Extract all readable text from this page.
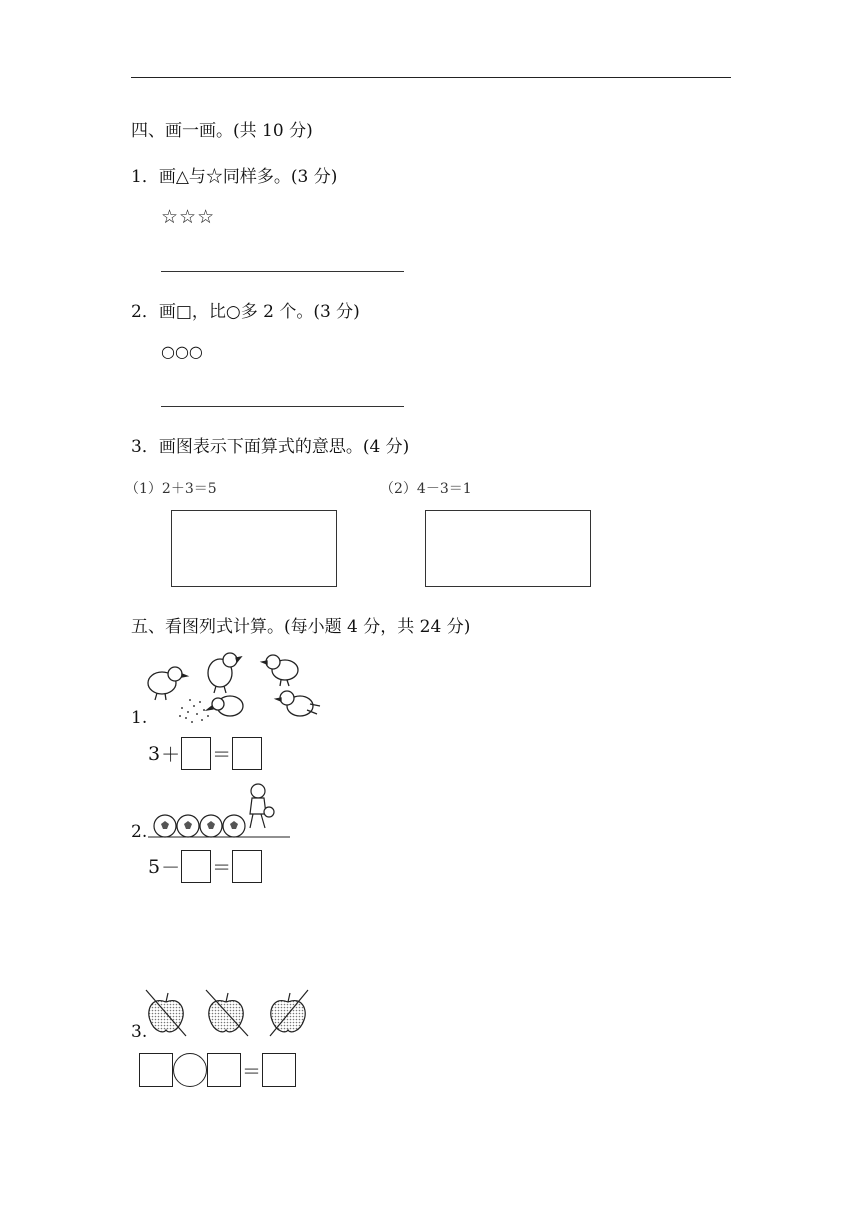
四、画一画。(共 10 分)
1．画△与☆同样多。(3 分)
☆☆☆
2．画□，比○多 2 个。(3 分)
○○○
3．画图表示下面算式的意思。(4 分)
（1）2＋3＝5	（2）4－3＝1
五、看图列式计算。(每小题 4 分，共 24 分)
1.
3 ＋ ＝
2.
5 － ＝
3.
＝
